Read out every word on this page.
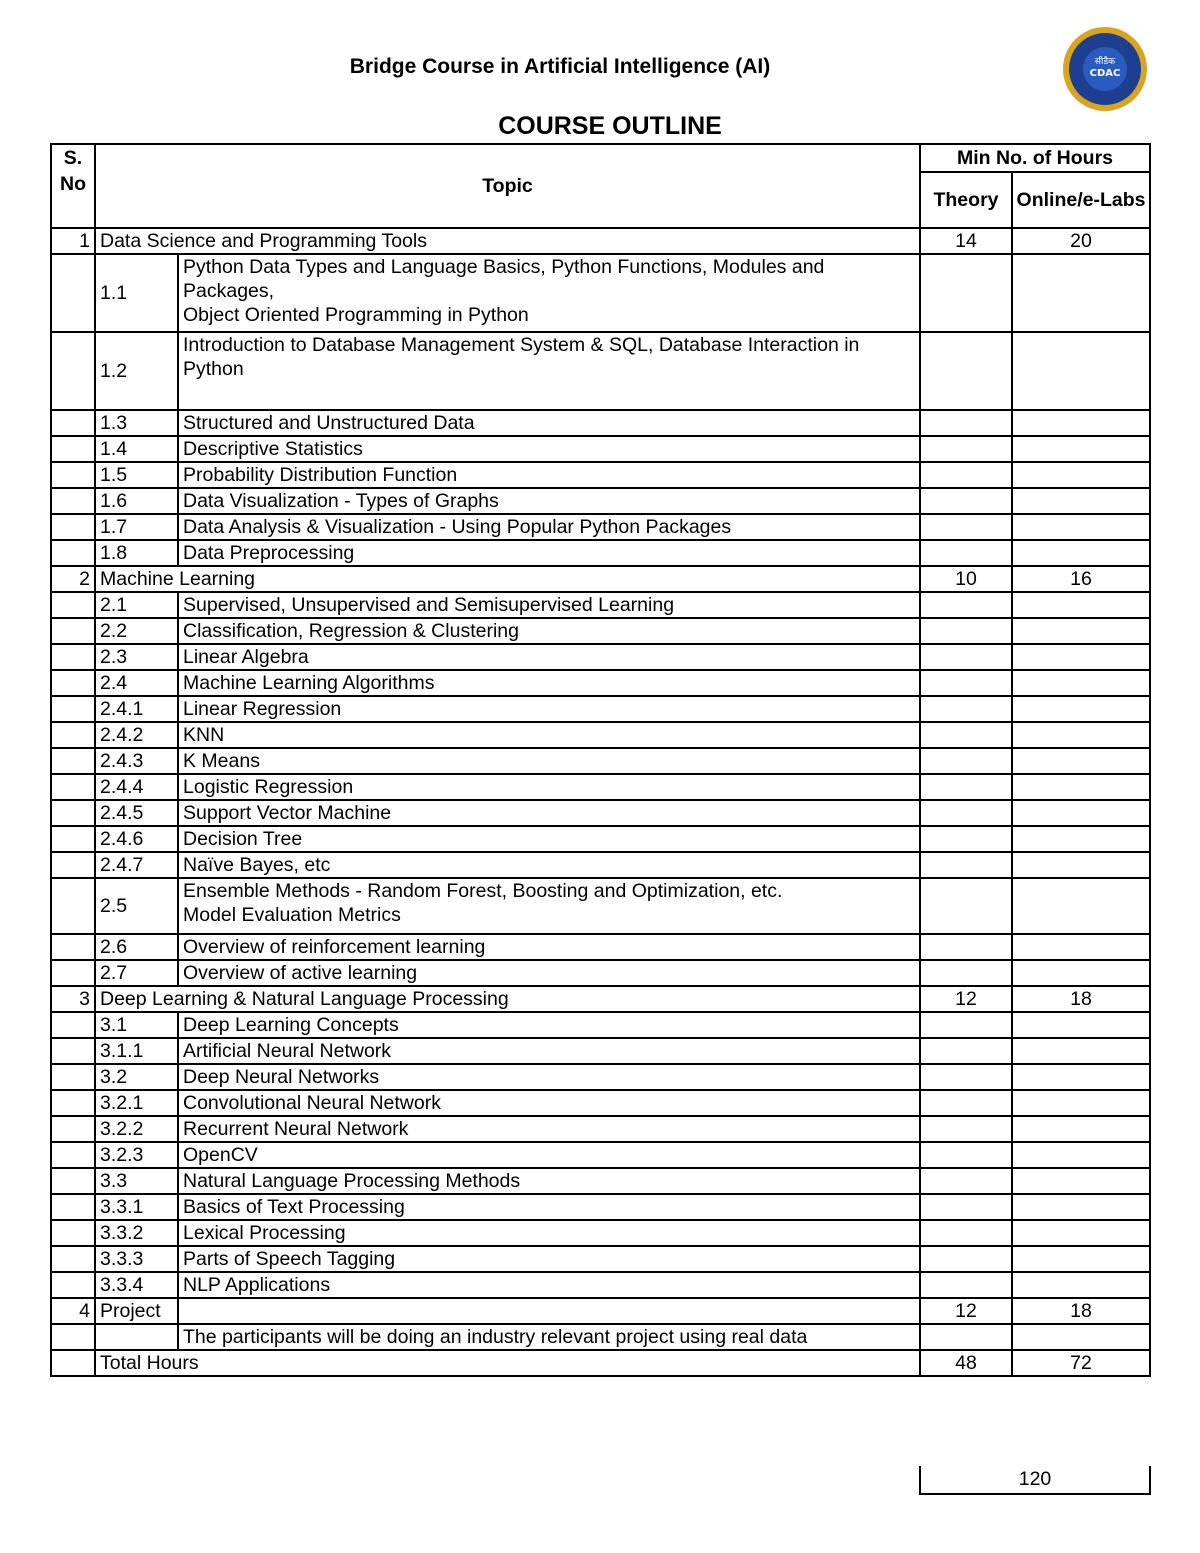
Bridge Course in Artificial Intelligence (AI)	सीडैक
CDAC
COURSE OUTLINE
S. No	Topic		Min No. of Hours	
			Theory	Online/e-Labs
1	Data Science and Programming Tools		14	20
	1.1	Python Data Types and Language Basics, Python Functions, Modules and Packages,
Object Oriented Programming in Python		
	1.2	Introduction to Database Management System & SQL, Database Interaction in
Python		
	1.3	Structured and Unstructured Data		
	1.4	Descriptive Statistics		
	1.5	Probability Distribution Function		
	1.6	Data Visualization - Types of Graphs		
	1.7	Data Analysis & Visualization - Using Popular Python Packages		
	1.8	Data Preprocessing		
2	Machine Learning		10	16
	2.1	Supervised, Unsupervised and Semisupervised Learning		
	2.2	Classification, Regression & Clustering		
	2.3	Linear Algebra		
	2.4	Machine Learning Algorithms		
	2.4.1	Linear Regression		
	2.4.2	KNN		
	2.4.3	K Means		
	2.4.4	Logistic Regression		
	2.4.5	Support Vector Machine		
	2.4.6	Decision Tree		
	2.4.7	Naïve Bayes, etc		
	2.5	Ensemble Methods - Random Forest, Boosting and Optimization, etc.
Model Evaluation Metrics		
	2.6	Overview of reinforcement learning		
	2.7	Overview of active learning		
3	Deep Learning & Natural Language Processing		12	18
	3.1	Deep Learning Concepts		
	3.1.1	Artificial Neural Network		
	3.2	Deep Neural Networks		
	3.2.1	Convolutional Neural Network		
	3.2.2	Recurrent Neural Network		
	3.2.3	OpenCV		
	3.3	Natural Language Processing Methods		
	3.3.1	Basics of Text Processing		
	3.3.2	Lexical Processing		
	3.3.3	Parts of Speech Tagging		
	3.3.4	NLP Applications		
4	Project		12	18
		The participants will be doing an industry relevant project using real data		
	Total Hours		48	72
120
